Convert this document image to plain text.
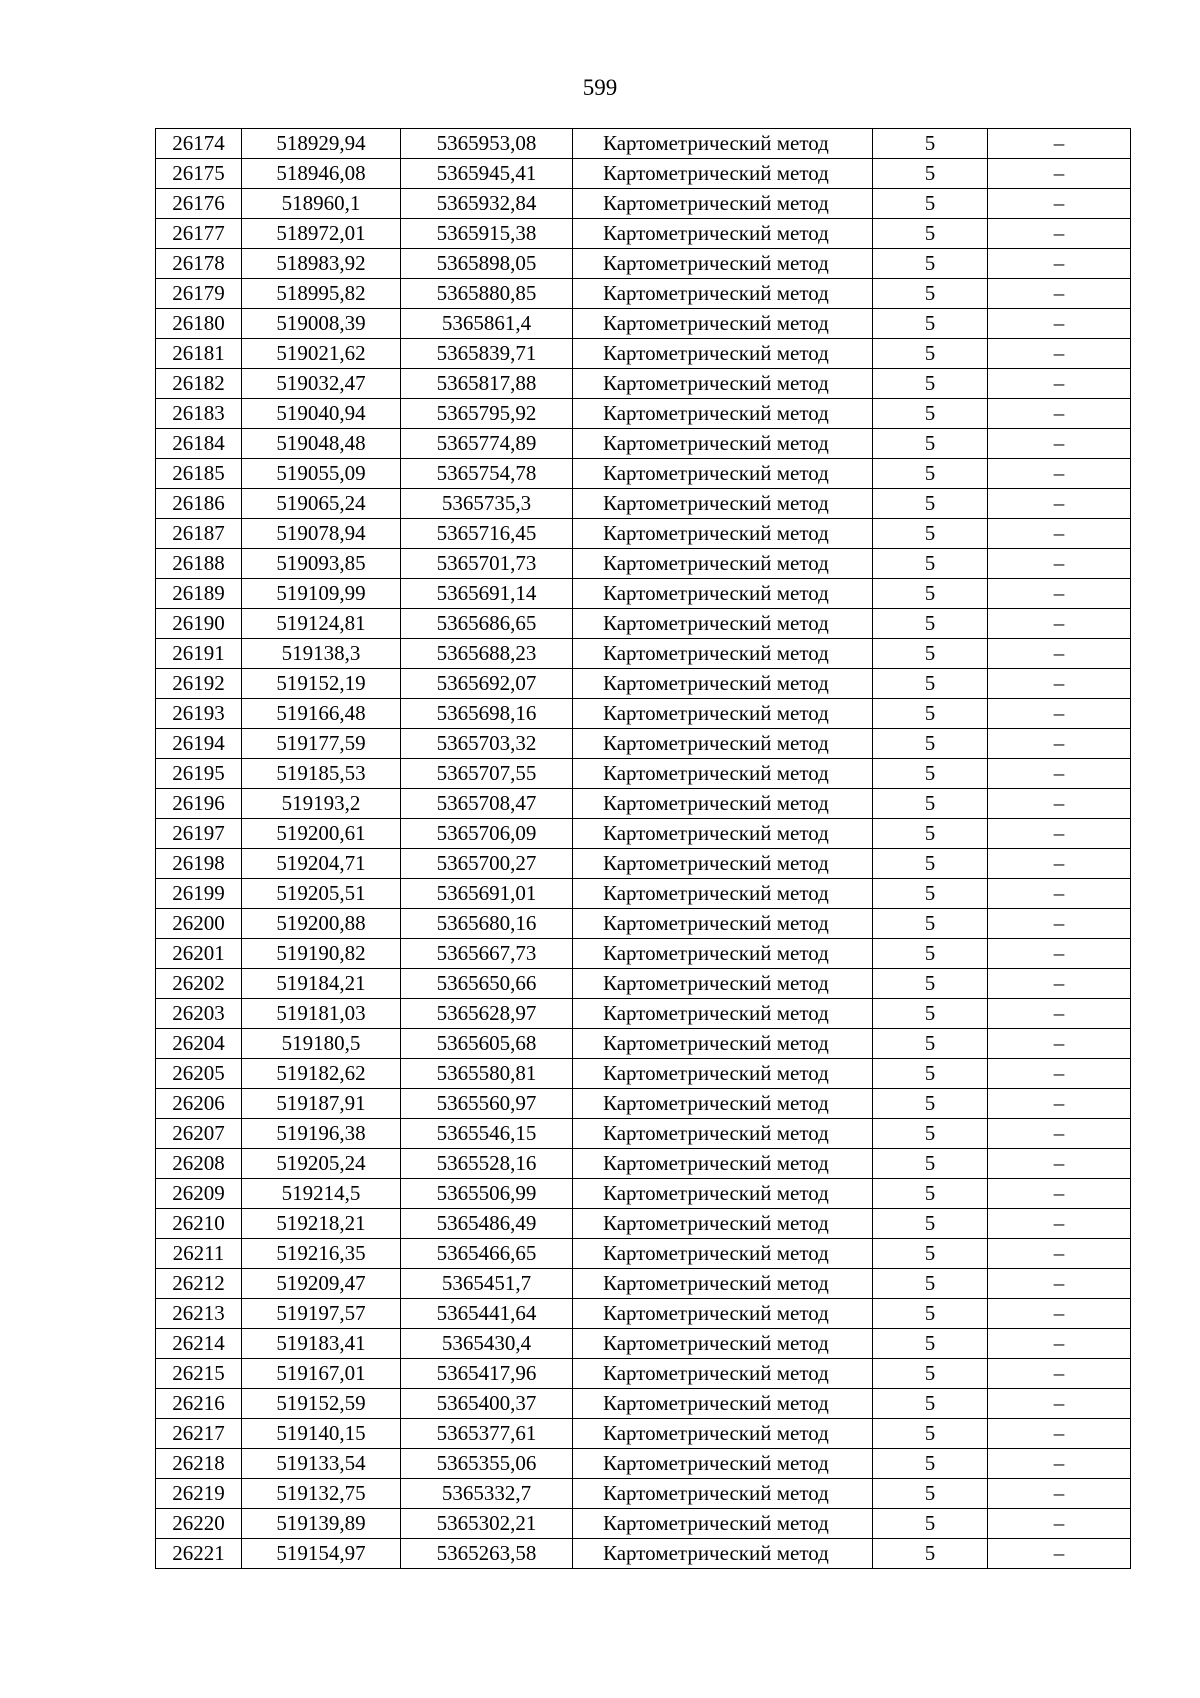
599
26174	518929,94	5365953,08	Картометрический метод	5	–
26175	518946,08	5365945,41	Картометрический метод	5	–
26176	518960,1	5365932,84	Картометрический метод	5	–
26177	518972,01	5365915,38	Картометрический метод	5	–
26178	518983,92	5365898,05	Картометрический метод	5	–
26179	518995,82	5365880,85	Картометрический метод	5	–
26180	519008,39	5365861,4	Картометрический метод	5	–
26181	519021,62	5365839,71	Картометрический метод	5	–
26182	519032,47	5365817,88	Картометрический метод	5	–
26183	519040,94	5365795,92	Картометрический метод	5	–
26184	519048,48	5365774,89	Картометрический метод	5	–
26185	519055,09	5365754,78	Картометрический метод	5	–
26186	519065,24	5365735,3	Картометрический метод	5	–
26187	519078,94	5365716,45	Картометрический метод	5	–
26188	519093,85	5365701,73	Картометрический метод	5	–
26189	519109,99	5365691,14	Картометрический метод	5	–
26190	519124,81	5365686,65	Картометрический метод	5	–
26191	519138,3	5365688,23	Картометрический метод	5	–
26192	519152,19	5365692,07	Картометрический метод	5	–
26193	519166,48	5365698,16	Картометрический метод	5	–
26194	519177,59	5365703,32	Картометрический метод	5	–
26195	519185,53	5365707,55	Картометрический метод	5	–
26196	519193,2	5365708,47	Картометрический метод	5	–
26197	519200,61	5365706,09	Картометрический метод	5	–
26198	519204,71	5365700,27	Картометрический метод	5	–
26199	519205,51	5365691,01	Картометрический метод	5	–
26200	519200,88	5365680,16	Картометрический метод	5	–
26201	519190,82	5365667,73	Картометрический метод	5	–
26202	519184,21	5365650,66	Картометрический метод	5	–
26203	519181,03	5365628,97	Картометрический метод	5	–
26204	519180,5	5365605,68	Картометрический метод	5	–
26205	519182,62	5365580,81	Картометрический метод	5	–
26206	519187,91	5365560,97	Картометрический метод	5	–
26207	519196,38	5365546,15	Картометрический метод	5	–
26208	519205,24	5365528,16	Картометрический метод	5	–
26209	519214,5	5365506,99	Картометрический метод	5	–
26210	519218,21	5365486,49	Картометрический метод	5	–
26211	519216,35	5365466,65	Картометрический метод	5	–
26212	519209,47	5365451,7	Картометрический метод	5	–
26213	519197,57	5365441,64	Картометрический метод	5	–
26214	519183,41	5365430,4	Картометрический метод	5	–
26215	519167,01	5365417,96	Картометрический метод	5	–
26216	519152,59	5365400,37	Картометрический метод	5	–
26217	519140,15	5365377,61	Картометрический метод	5	–
26218	519133,54	5365355,06	Картометрический метод	5	–
26219	519132,75	5365332,7	Картометрический метод	5	–
26220	519139,89	5365302,21	Картометрический метод	5	–
26221	519154,97	5365263,58	Картометрический метод	5	–
